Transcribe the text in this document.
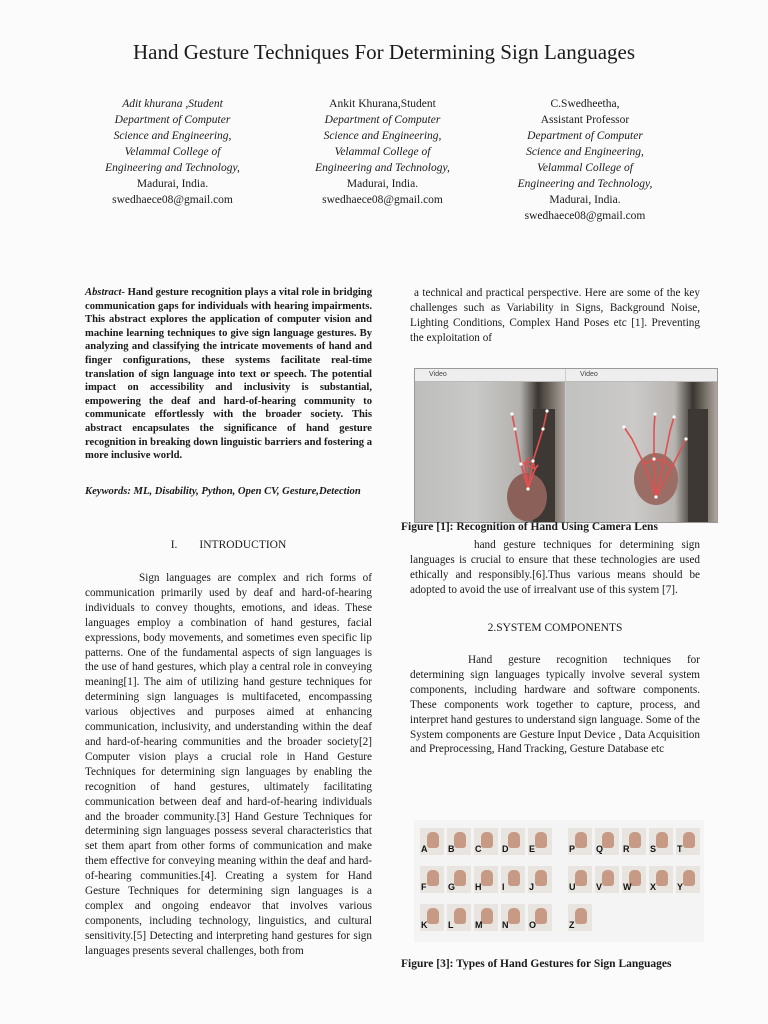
Hand Gesture Techniques For Determining Sign Languages
Adit khurana ,Student
Department of Computer
Science and Engineering,
Velammal College of
Engineering and Technology,
Madurai, India.
swedhaece08@gmail.com
Ankit Khurana,Student
Department of Computer
Science and Engineering,
Velammal College of
Engineering and Technology,
Madurai, India.
swedhaece08@gmail.com
C.Swedheetha,
Assistant Professor
Department of Computer
Science and Engineering,
Velammal College of
Engineering and Technology,
Madurai, India.
swedhaece08@gmail.com
Abstract- Hand gesture recognition plays a vital role in bridging communication gaps for individuals with hearing impairments. This abstract explores the application of computer vision and machine learning techniques to give sign language gestures. By analyzing and classifying the intricate movements of hand and finger configurations, these systems facilitate real-time translation of sign language into text or speech. The potential impact on accessibility and inclusivity is substantial, empowering the deaf and hard-of-hearing community to communicate effortlessly with the broader society. This abstract encapsulates the significance of hand gesture recognition in breaking down linguistic barriers and fostering a more inclusive world.
Keywords: ML, Disability, Python, Open CV, Gesture,Detection
I. INTRODUCTION
Sign languages are complex and rich forms of communication primarily used by deaf and hard-of-hearing individuals to convey thoughts, emotions, and ideas. These languages employ a combination of hand gestures, facial expressions, body movements, and sometimes even specific lip patterns. One of the fundamental aspects of sign languages is the use of hand gestures, which play a central role in conveying meaning[1]. The aim of utilizing hand gesture techniques for determining sign languages is multifaceted, encompassing various objectives and purposes aimed at enhancing communication, inclusivity, and understanding within the deaf and hard-of-hearing communities and the broader society[2] Computer vision plays a crucial role in Hand Gesture Techniques for determining sign languages by enabling the recognition of hand gestures, ultimately facilitating communication between deaf and hard-of-hearing individuals and the broader community.[3] Hand Gesture Techniques for determining sign languages possess several characteristics that set them apart from other forms of communication and make them effective for conveying meaning within the deaf and hard-of-hearing communities.[4]. Creating a system for Hand Gesture Techniques for determining sign languages is a complex and ongoing endeavor that involves various components, including technology, linguistics, and cultural sensitivity.[5] Detecting and interpreting hand gestures for sign languages presents several challenges, both from
a technical and practical perspective. Here are some of the key challenges such as Variability in Signs, Background Noise, Lighting Conditions, Complex Hand Poses etc [1]. Preventing the exploitation of
Video	Video
Figure [1]: Recognition of Hand Using Camera Lens
hand gesture techniques for determining sign languages is crucial to ensure that these technologies are used ethically and responsibly.[6].Thus various means should be adopted to avoid the use of irrealvant use of this system [7].
2.SYSTEM COMPONENTS
Hand gesture recognition techniques for determining sign languages typically involve several system components, including hardware and software components. These components work together to capture, process, and interpret hand gestures to understand sign language. Some of the System components are Gesture Input Device , Data Acquisition and Preprocessing, Hand Tracking, Gesture Database etc
A B C D E
F G H I	J
K L M N O
P Q R S T
U V W X Y
Z
Figure [3]: Types of Hand Gestures for Sign Languages
